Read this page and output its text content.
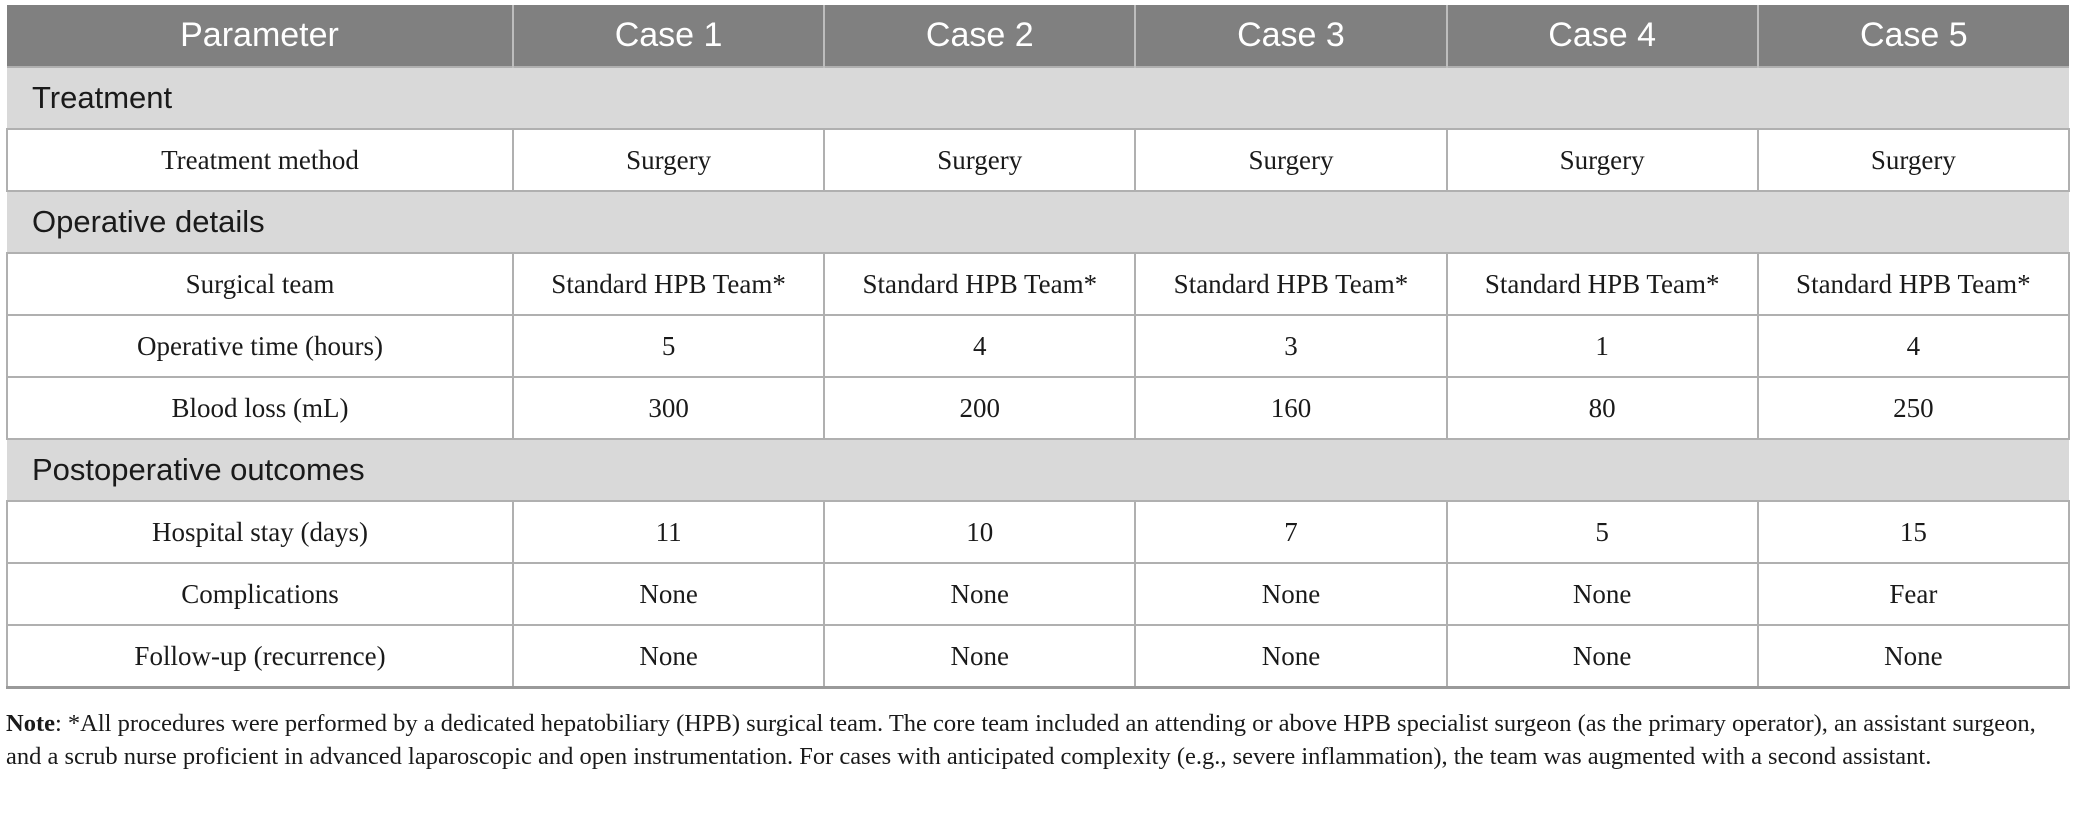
Parameter	Case 1	Case 2	Case 3	Case 4	Case 5
Treatment					
Treatment method	Surgery	Surgery	Surgery	Surgery	Surgery
Operative details					
Surgical team	Standard HPB Team*	Standard HPB Team*	Standard HPB Team*	Standard HPB Team*	Standard HPB Team*
Operative time (hours)	5	4	3	1	4
Blood loss (mL)	300	200	160	80	250
Postoperative outcomes					
Hospital stay (days)	11	10	7	5	15
Complications	None	None	None	None	Fear
Follow-up (recurrence)	None	None	None	None	None
Note: *All procedures were performed by a dedicated hepatobiliary (HPB) surgical team. The core team included an attending or above HPB specialist surgeon (as the primary operator), an assistant surgeon, and a scrub nurse proficient in advanced laparoscopic and open instrumentation. For cases with anticipated complexity (e.g., severe inflammation), the team was augmented with a second assistant.
